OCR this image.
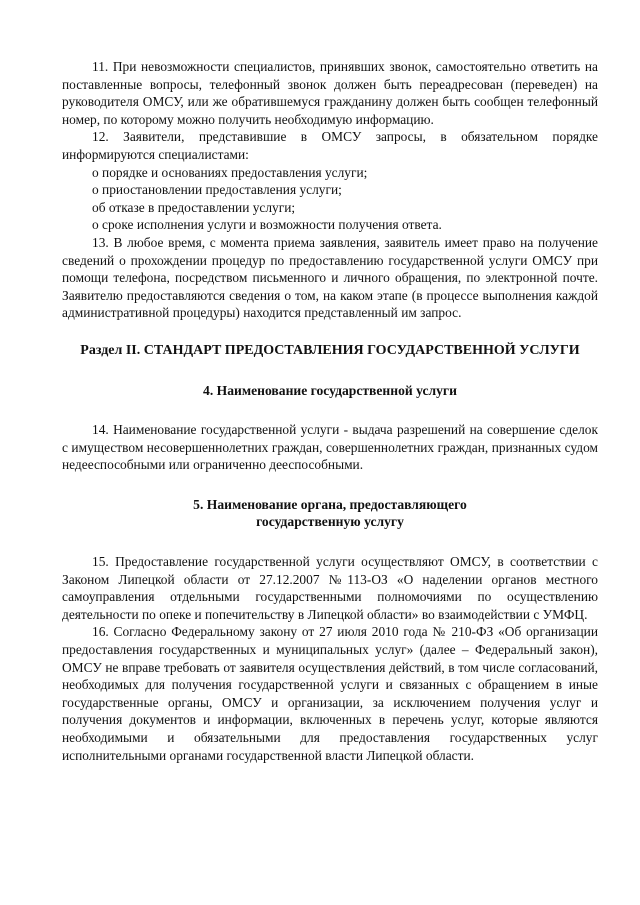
11. При невозможности специалистов, принявших звонок, самостоятельно ответить на поставленные вопросы, телефонный звонок должен быть переадресован (переведен) на руководителя ОМСУ, или же обратившемуся гражданину должен быть сообщен телефонный номер, по которому можно получить необходимую информацию.

12. Заявители, представившие в ОМСУ запросы, в обязательном порядке информируются специалистами:

о порядке и основаниях предоставления услуги;

о приостановлении предоставления услуги;

об отказе в предоставлении услуги;

о сроке исполнения услуги и возможности получения ответа.

13. В любое время, с момента приема заявления, заявитель имеет право на получение сведений о прохождении процедур по предоставлению государственной услуги ОМСУ при помощи телефона, посредством письменного и личного обращения, по электронной почте. Заявителю предоставляются сведения о том, на каком этапе (в процессе выполнения каждой административной процедуры) находится представленный им запрос.

Раздел II. СТАНДАРТ ПРЕДОСТАВЛЕНИЯ ГОСУДАРСТВЕННОЙ УСЛУГИ
4. Наименование государственной услуги

14. Наименование государственной услуги - выдача разрешений на совершение сделок с имуществом несовершеннолетних граждан, совершеннолетних граждан, признанных судом недееспособными или ограниченно дееспособными.

5. Наименование органа, предоставляющего
государственную услугу

15. Предоставление государственной услуги осуществляют ОМСУ, в соответствии с Законом Липецкой области от 27.12.2007 №113-ОЗ «О наделении органов местного самоуправления отдельными государственными полномочиями по осуществлению деятельности по опеке и попечительству в Липецкой области» во взаимодействии с УМФЦ.

16. Согласно Федеральному закону от 27 июля 2010 года № 210-ФЗ «Об организации предоставления государственных и муниципальных услуг» (далее – Федеральный закон), ОМСУ не вправе требовать от заявителя осуществления действий, в том числе согласований, необходимых для получения государственной услуги и связанных с обращением в иные государственные органы, ОМСУ и организации, за исключением получения услуг и получения документов и информации, включенных в перечень услуг, которые являются необходимыми и обязательными для предоставления государственных услуг исполнительными органами государственной власти Липецкой области.
